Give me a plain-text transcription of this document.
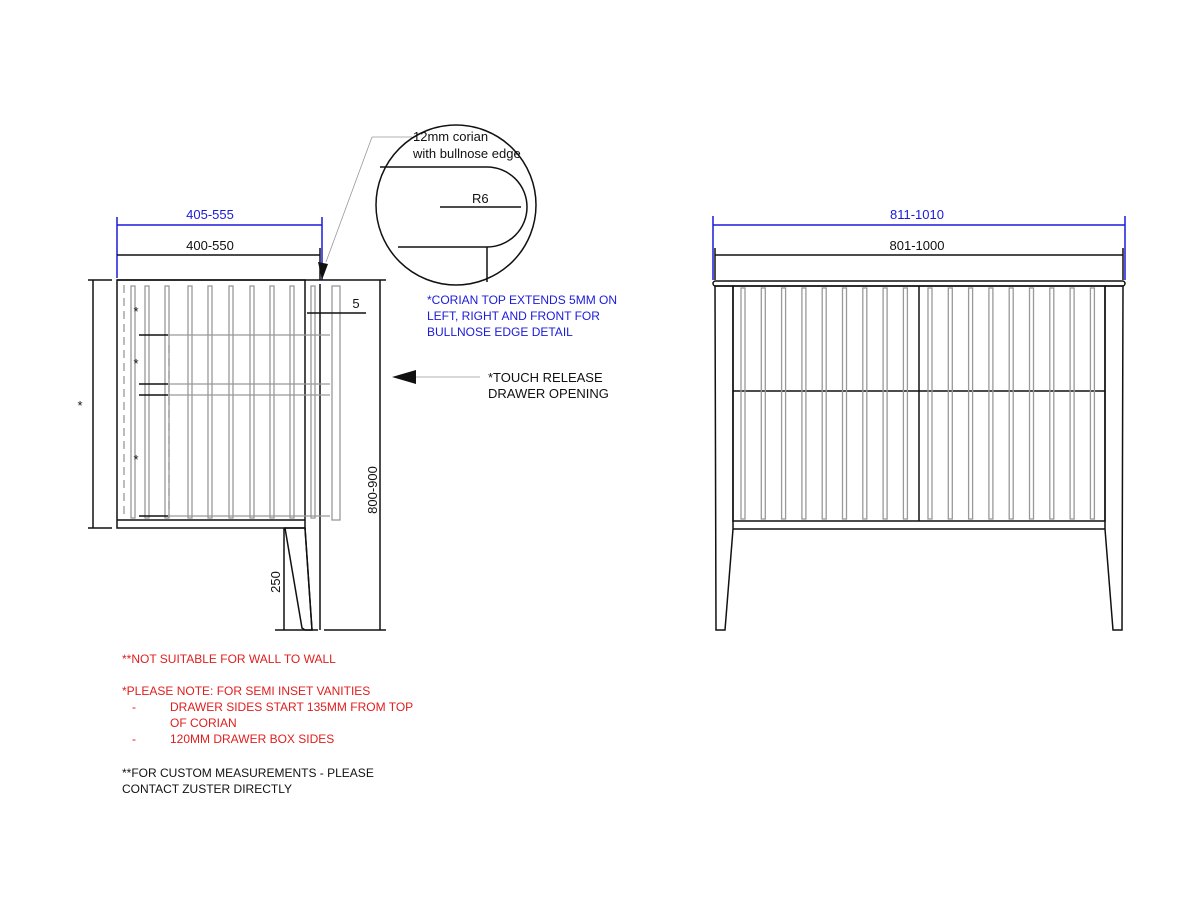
405-555
400-550
*
*
*
*
5
800-900
250
12mm corian
with bullnose edge
R6
*TOUCH RELEASE
DRAWER OPENING
811-1010
801-1000
*CORIAN TOP EXTENDS 5MM ON
LEFT, RIGHT AND FRONT FOR
BULLNOSE EDGE DETAIL
**NOT SUITABLE FOR WALL TO WALL
*PLEASE NOTE: FOR SEMI INSET VANITIES
-	DRAWER SIDES START 135MM FROM TOP
OF CORIAN
-	120MM DRAWER BOX SIDES
**FOR CUSTOM MEASUREMENTS - PLEASE
CONTACT ZUSTER DIRECTLY
